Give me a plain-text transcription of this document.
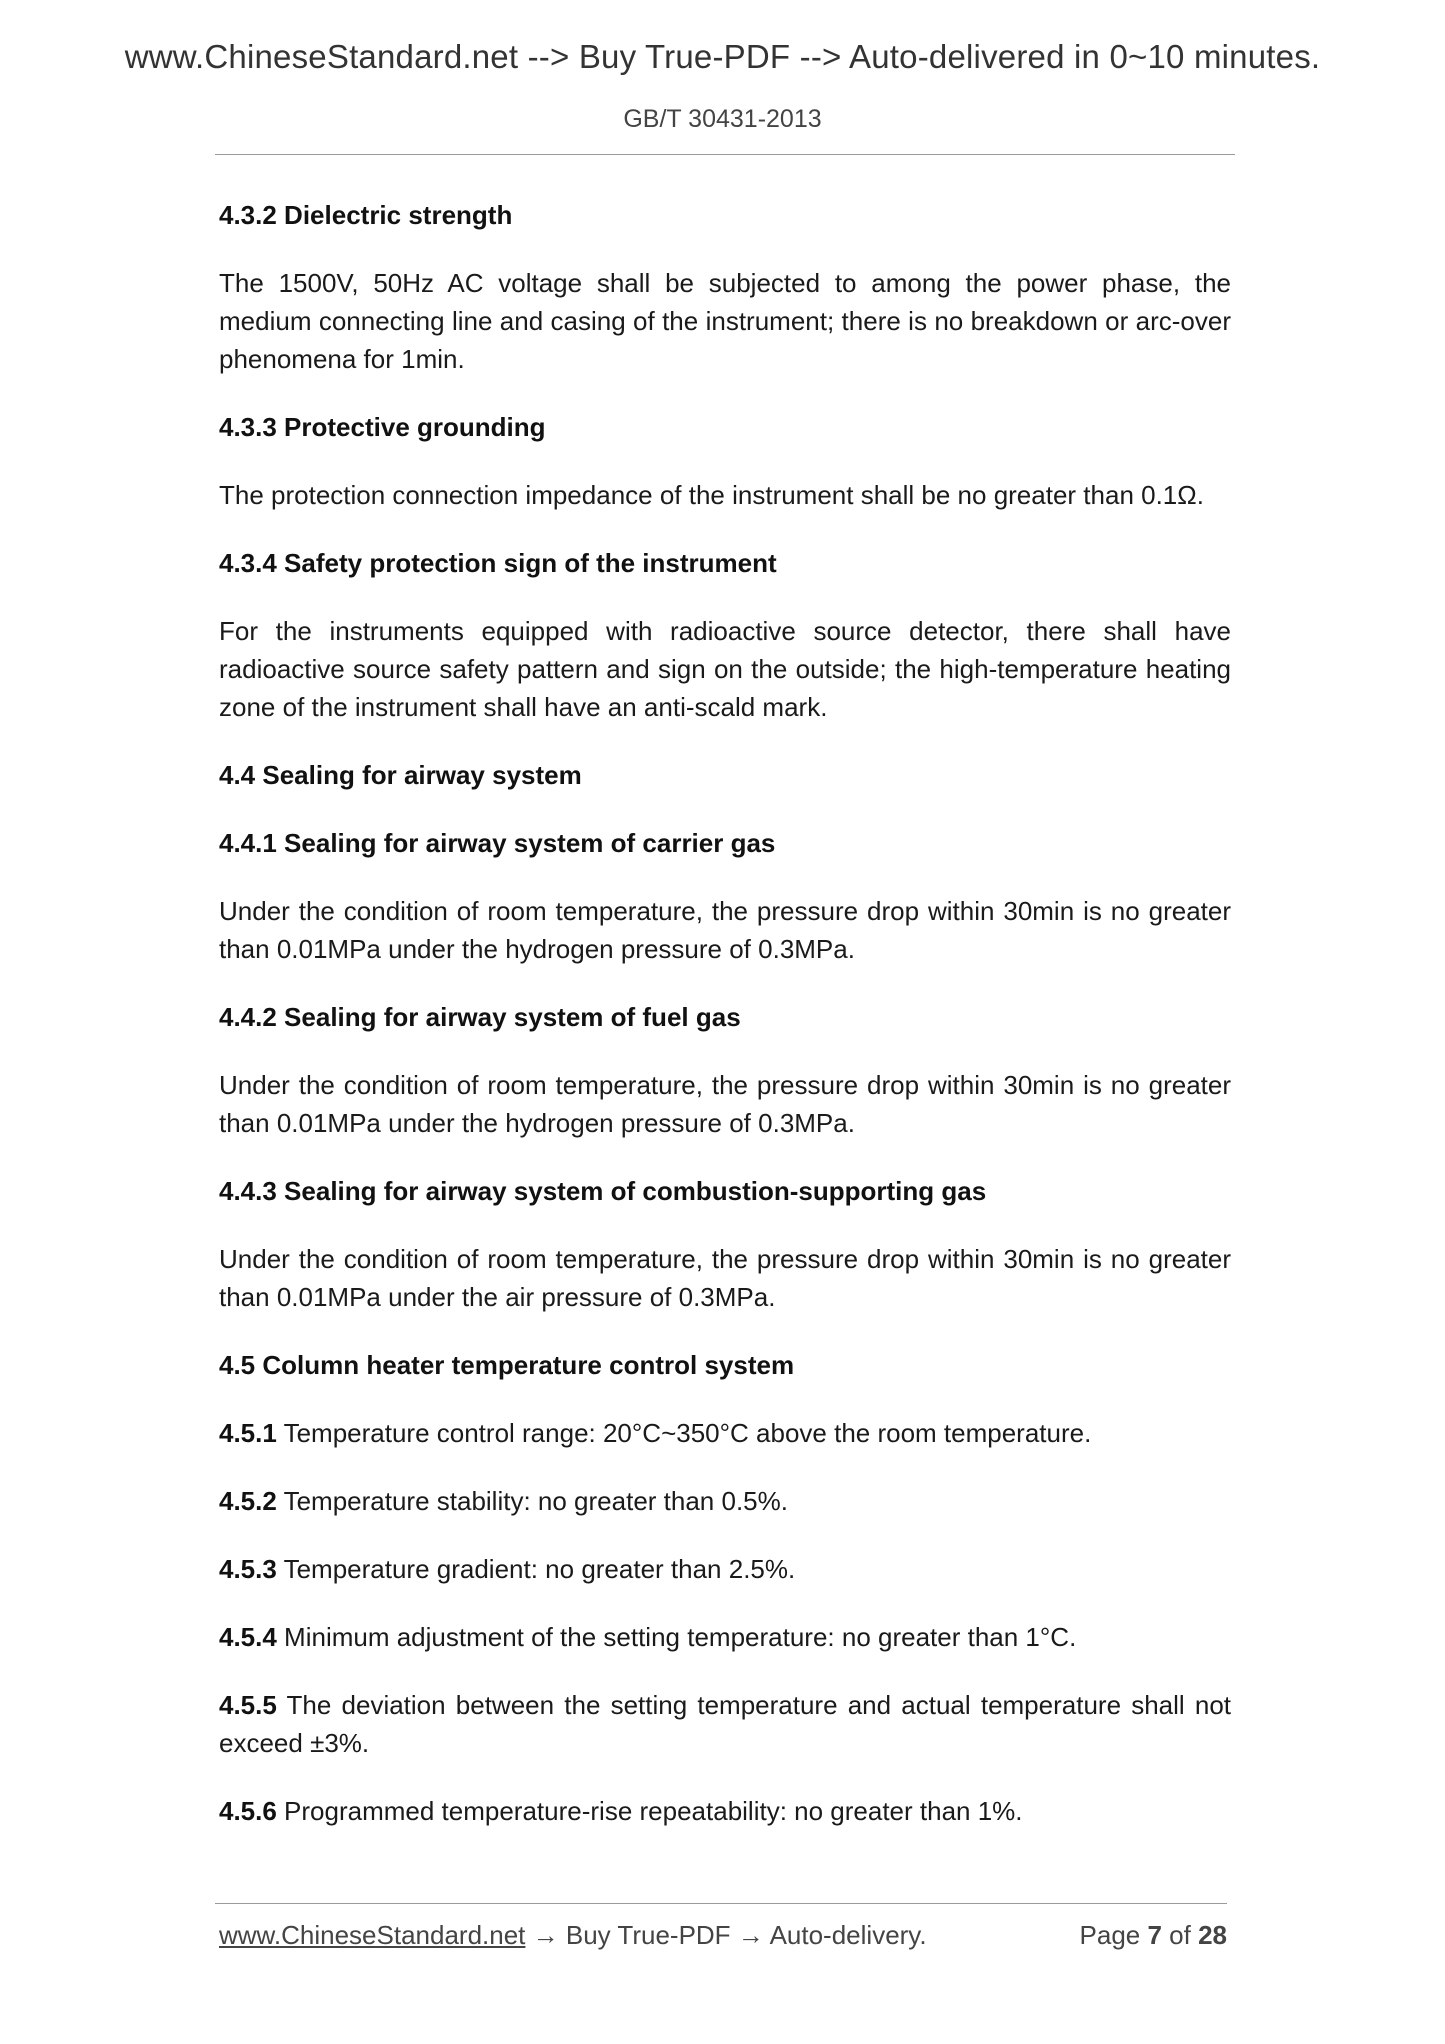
www.ChineseStandard.net --> Buy True-PDF --> Auto-delivered in 0~10 minutes.
GB/T 30431-2013
4.3.2 Dielectric strength
The 1500V, 50Hz AC voltage shall be subjected to among the power phase, the medium connecting line and casing of the instrument; there is no breakdown or arc-over phenomena for 1min.
4.3.3 Protective grounding
The protection connection impedance of the instrument shall be no greater than 0.1Ω.
4.3.4 Safety protection sign of the instrument
For the instruments equipped with radioactive source detector, there shall have radioactive source safety pattern and sign on the outside; the high-temperature heating zone of the instrument shall have an anti-scald mark.
4.4 Sealing for airway system
4.4.1 Sealing for airway system of carrier gas
Under the condition of room temperature, the pressure drop within 30min is no greater than 0.01MPa under the hydrogen pressure of 0.3MPa.
4.4.2 Sealing for airway system of fuel gas
Under the condition of room temperature, the pressure drop within 30min is no greater than 0.01MPa under the hydrogen pressure of 0.3MPa.
4.4.3 Sealing for airway system of combustion-supporting gas
Under the condition of room temperature, the pressure drop within 30min is no greater than 0.01MPa under the air pressure of 0.3MPa.
4.5 Column heater temperature control system
4.5.1 Temperature control range: 20°C~350°C above the room temperature.
4.5.2 Temperature stability: no greater than 0.5%.
4.5.3 Temperature gradient: no greater than 2.5%.
4.5.4 Minimum adjustment of the setting temperature: no greater than 1°C.
4.5.5 The deviation between the setting temperature and actual temperature shall not exceed ±3%.
4.5.6 Programmed temperature-rise repeatability: no greater than 1%.
www.ChineseStandard.net → Buy True-PDF → Auto-delivery.	Page 7 of 28
